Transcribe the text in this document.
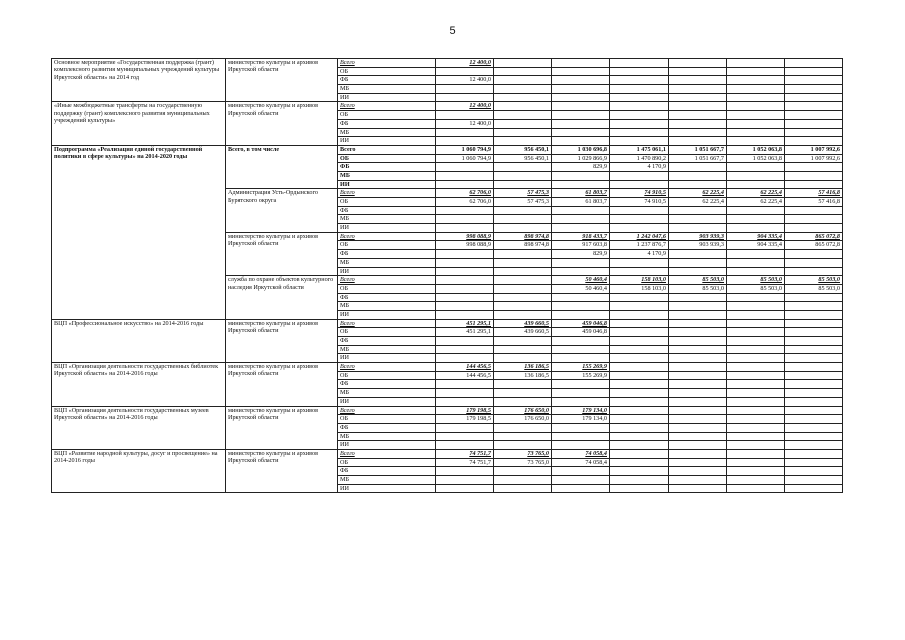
5
Основное мероприятие «Государственная поддержка (грант) комплексного развития муниципальных учреждений культуры Иркутской области» на 2014 год	министерство культуры и архивов Иркутской области	Всего	12 400,0						
		ОБ							
		ФБ	12 400,0						
		МБ							
		ИИ							
«Иные межбюджетные трансферты на государственную поддержку (грант) комплексного развития муниципальных учреждений культуры»	министерство культуры и архивов Иркутской области	Всего	12 400,0						
		ОБ							
		ФБ	12 400,0						
		МБ							
		ИИ							
Подпрограмма «Реализация единой государственной политики в сфере культуры» на 2014-2020 годы	Всего, в том числе	Всего	1 060 794,9	956 450,1	1 030 696,8	1 475 061,1	1 051 667,7	1 052 063,8	1 007 992,6
		ОБ	1 060 794,9	956 450,1	1 029 866,9	1 470 890,2	1 051 667,7	1 052 063,8	1 007 992,6
		ФБ			829,9	4 170,9			
		МБ							
		ИИ							
	Администрация Усть-Ордынского Бурятского округа	Всего	62 706,0	57 475,3	61 803,7	74 910,5	62 225,4	62 225,4	57 416,8
		ОБ	62 706,0	57 475,3	61 803,7	74 910,5	62 225,4	62 225,4	57 416,8
		ФБ							
		МБ							
		ИИ							
	министерство культуры и архивов Иркутской области	Всего	998 088,9	898 974,8	918 433,7	1 242 047,6	903 939,3	904 335,4	865 072,8
		ОБ	998 088,9	898 974,8	917 603,8	1 237 876,7	903 939,3	904 335,4	865 072,8
		ФБ			829,9	4 170,9			
		МБ							
		ИИ							
	служба по охране объектов культурного наследия Иркутской области	Всего			50 460,4	158 103,0	85 503,0	85 503,0	85 503,0
		ОБ			50 460,4	158 103,0	85 503,0	85 503,0	85 503,0
		ФБ							
		МБ							
		ИИ							
ВЦП «Профессиональное искусство» на 2014-2016 годы	министерство культуры и архивов Иркутской области	Всего	451 295,1	439 660,5	459 046,8				
		ОБ	451 295,1	439 660,5	459 046,8				
		ФБ							
		МБ							
		ИИ							
ВЦП «Организация деятельности государственных библиотек Иркутской области» на 2014-2016 годы	министерство культуры и архивов Иркутской области	Всего	144 456,5	136 186,5	155 269,9				
		ОБ	144 456,5	136 186,5	155 269,9				
		ФБ							
		МБ							
		ИИ							
ВЦП «Организация деятельности государственных музеев Иркутской области» на 2014-2016 годы	министерство культуры и архивов Иркутской области	Всего	179 198,5	176 650,0	179 134,0				
		ОБ	179 198,5	176 650,0	179 134,0				
		ФБ							
		МБ							
		ИИ							
ВЦП «Развитие народной культуры, досуг и просвещение» на 2014-2016 годы	министерство культуры и архивов Иркутской области	Всего	74 751,7	73 765,0	74 058,4				
		ОБ	74 751,7	73 765,0	74 058,4				
		ФБ							
		МБ							
		ИИ							
